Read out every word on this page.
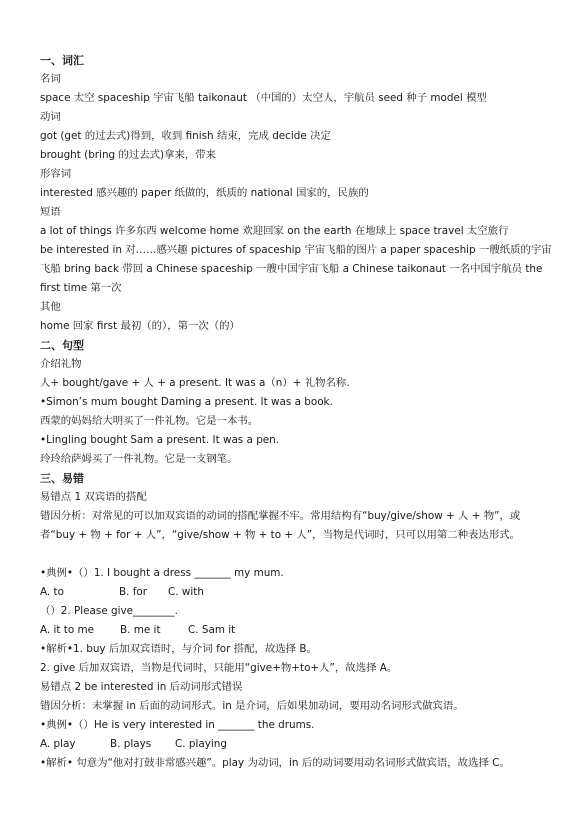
一、词汇
名词
space 太空 spaceship 宇宙飞船 taikonaut （中国的）太空人，宇航员 seed 种子 model 模型
动词
got (get 的过去式)得到，收到 finish 结束，完成 decide 决定
brought (bring 的过去式)拿来，带来
形容词
interested 感兴趣的 paper 纸做的，纸质的 national 国家的，民族的
短语
a lot of things 许多东西 welcome home 欢迎回家 on the earth 在地球上 space travel 太空旅行
be interested in 对……感兴趣 pictures of spaceship 宇宙飞船的图片 a paper spaceship 一艘纸质的宇宙飞船 bring back 带回 a Chinese spaceship 一艘中国宇宙飞船 a Chinese taikonaut 一名中国宇航员 the first time 第一次
其他
home 回家 first 最初（的），第一次（的）
二、句型
介绍礼物
人+ bought/gave + 人 + a present. It was a（n）+ 礼物名称.
•Simon’s mum bought Daming a present. It was a book.
西蒙的妈妈给大明买了一件礼物。它是一本书。
•Lingling bought Sam a present. It was a pen.
玲玲给萨姆买了一件礼物。它是一支钢笔。
三、易错
易错点 1 双宾语的搭配
错因分析：对常见的可以加双宾语的动词的搭配掌握不牢。常用结构有“buy/give/show + 人 + 物”，或者“buy + 物 + for + 人”，“give/show + 物 + to + 人”，当物是代词时，只可以用第二种表达形式。
•典例•（）1. I bought a dress _______ my mum.
A. to	B. for C. with
（）2. Please give________.
A. it to me B. me it	C. Sam it
•解析•1. buy 后加双宾语时，与介词 for 搭配，故选择 B。
2. give 后加双宾语，当物是代词时，只能用“give+物+to+人”，故选择 A。
易错点 2 be interested in 后动词形式错误
错因分析：未掌握 in 后面的动词形式。in 是介词，后如果加动词，要用动名词形式做宾语。
•典例•（）He is very interested in _______ the drums.
A. play	B. plays C. playing
•解析• 句意为“他对打鼓非常感兴趣”。play 为动词，in 后的动词要用动名词形式做宾语，故选择 C。
